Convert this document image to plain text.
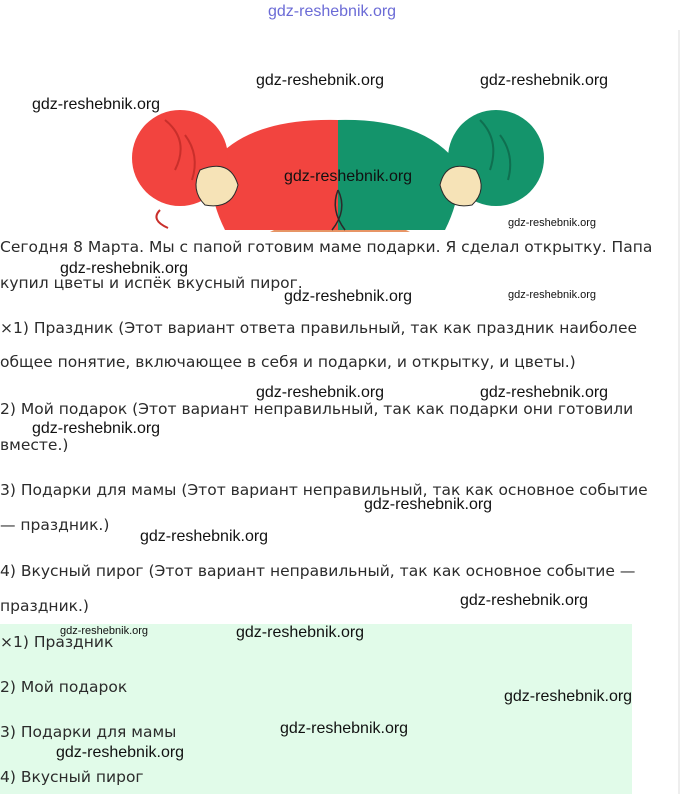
Сегодня 8 Марта. Мы с папой готовим маме подарки. Я сделал открытку. Папа
купил цветы и испёк вкусный пирог.
×1) Праздник (Этот вариант ответа правильный, так как праздник наиболее
общее понятие, включающее в себя и подарки, и открытку, и цветы.)
2) Мой подарок (Этот вариант неправильный, так как подарки они готовили
вместе.)
3) Подарки для мамы (Этот вариант неправильный, так как основное событие
— праздник.)
4) Вкусный пирог (Этот вариант неправильный, так как основное событие —
праздник.)
×1) Праздник
2) Мой подарок
3) Подарки для мамы
4) Вкусный пирог
gdz-reshebnik.org
gdz-reshebnik.org	gdz-reshebnik.org
gdz-reshebnik.org
gdz-reshebnik.org
gdz-reshebnik.org
gdz-reshebnik.org
gdz-reshebnik.org	gdz-reshebnik.org
gdz-reshebnik.org	gdz-reshebnik.org
gdz-reshebnik.org
gdz-reshebnik.org
gdz-reshebnik.org
gdz-reshebnik.org
gdz-reshebnik.org	gdz-reshebnik.org
gdz-reshebnik.org
gdz-reshebnik.org
gdz-reshebnik.org
